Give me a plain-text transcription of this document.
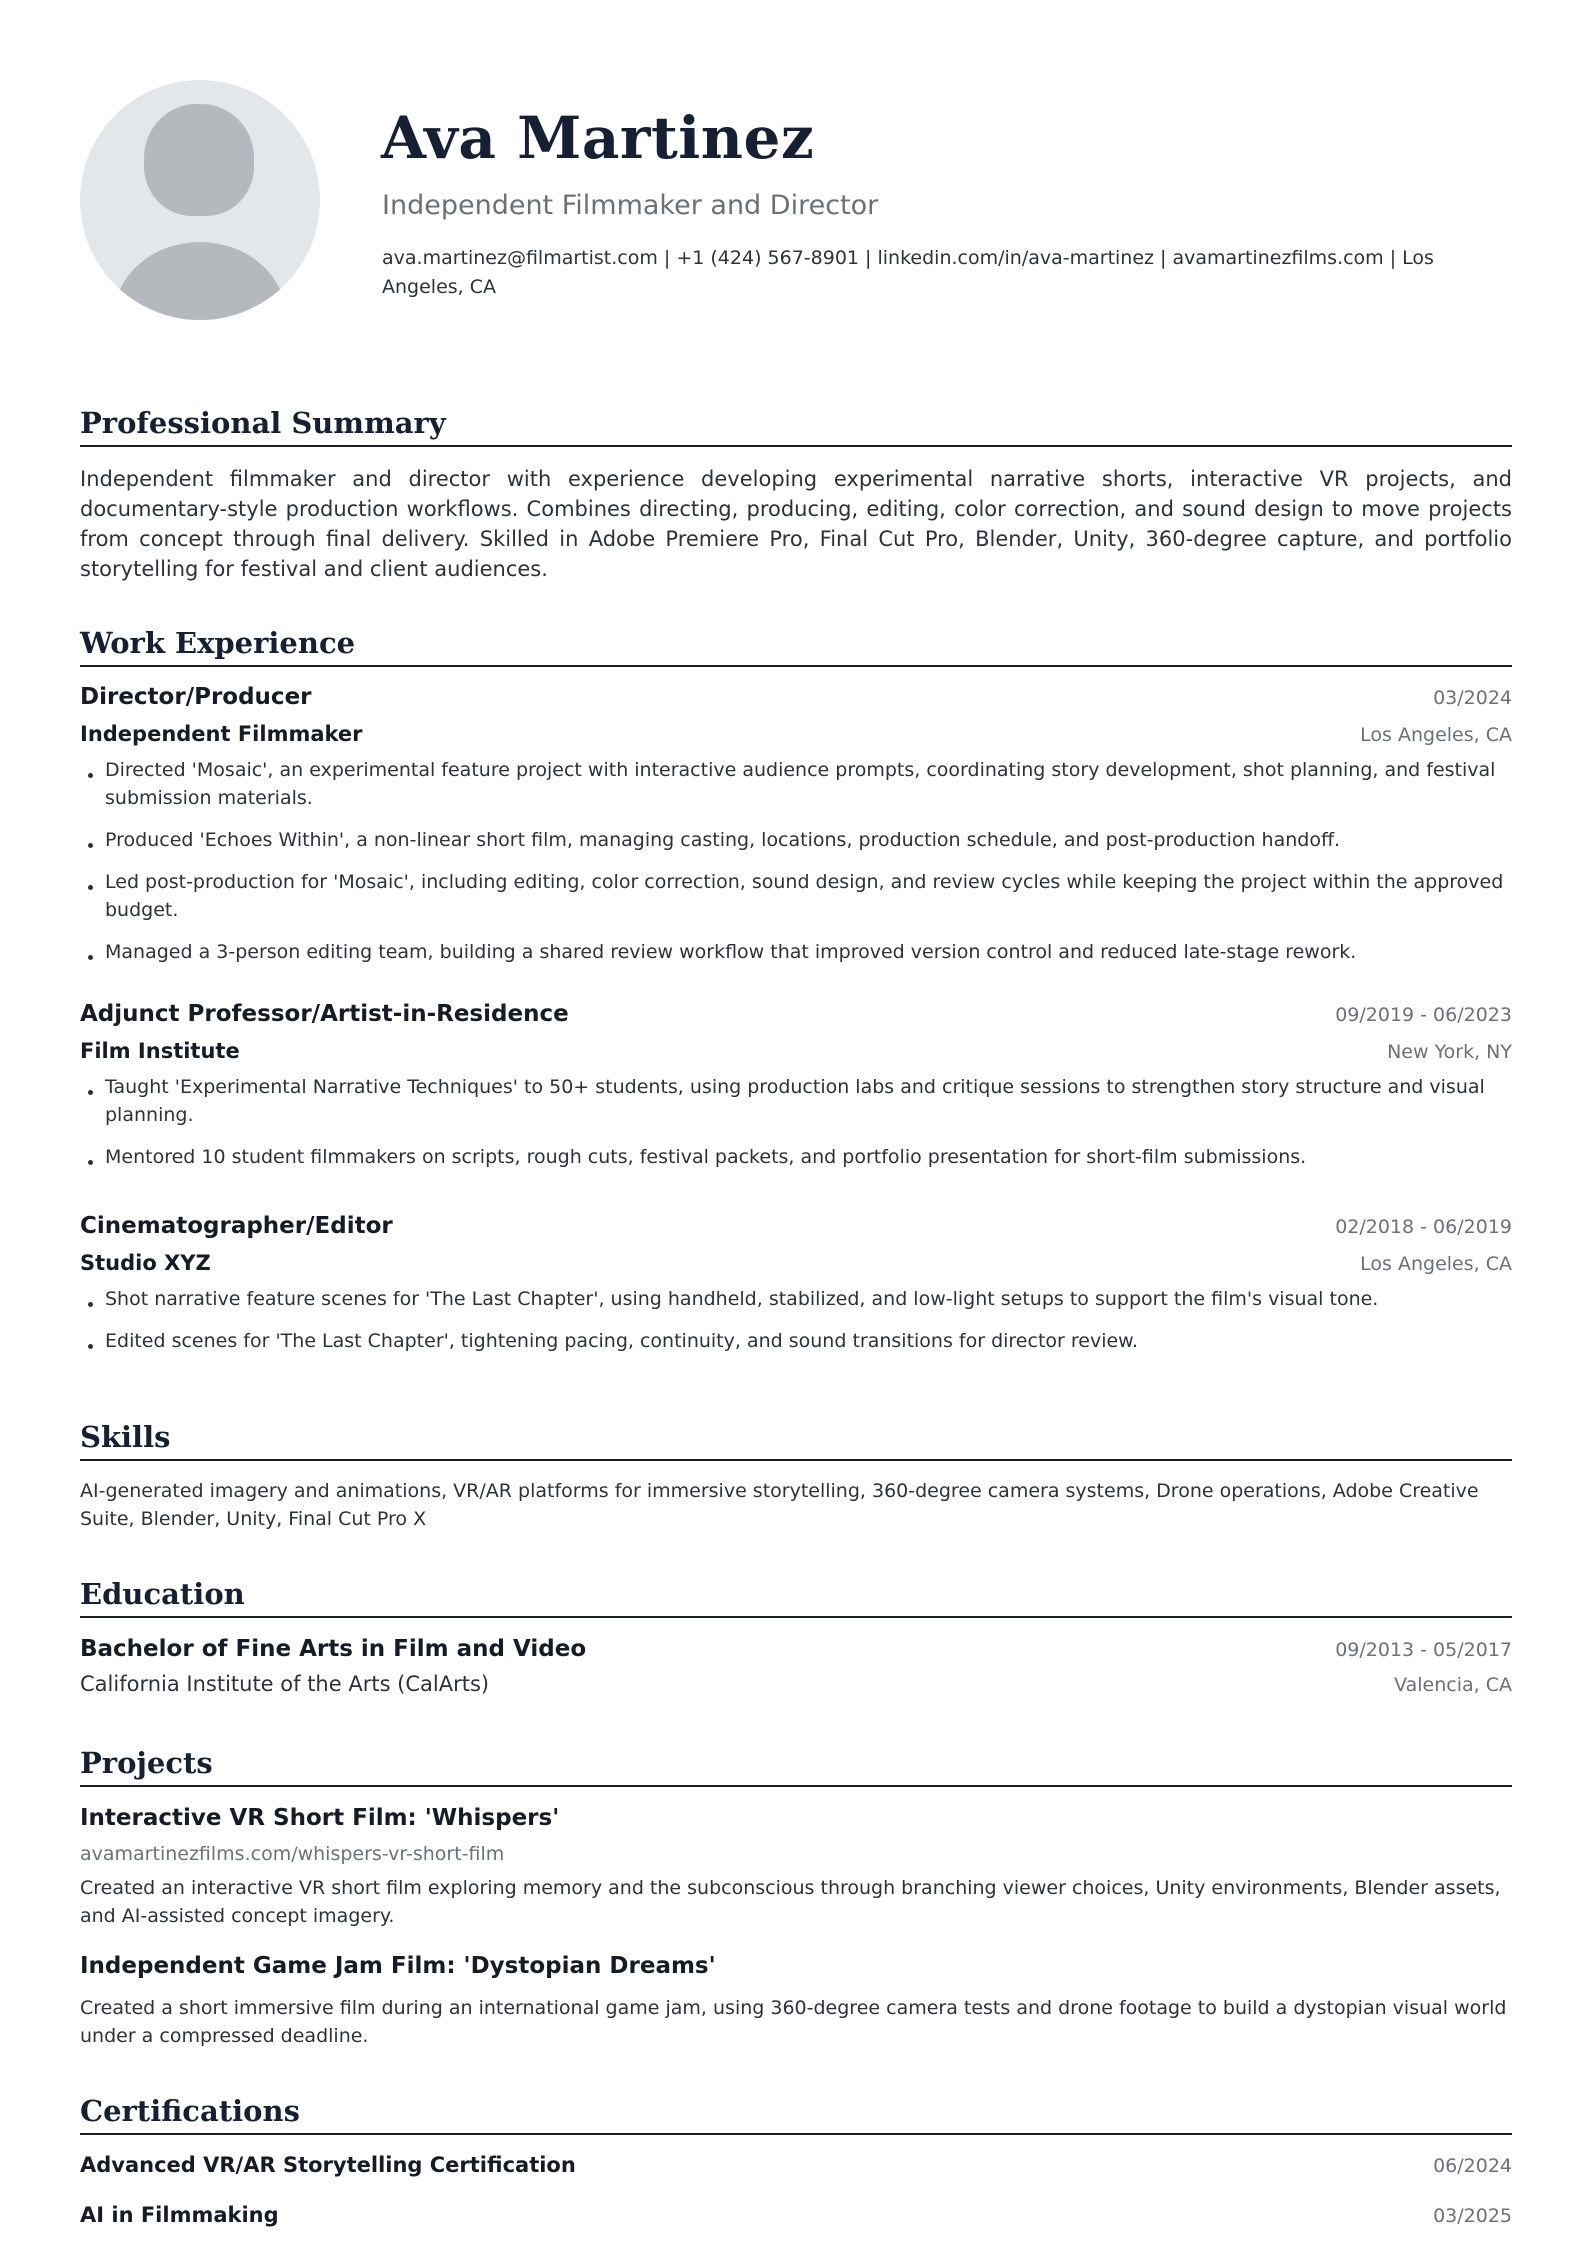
Ava Martinez
Independent Filmmaker and Director
ava.martinez@filmartist.com | +1 (424) 567-8901 | linkedin.com/in/ava-martinez | avamartinezfilms.com | Los Angeles, CA
Professional Summary
Independent filmmaker and director with experience developing experimental narrative shorts, interactive VR projects, and documentary-style production workflows. Combines directing, producing, editing, color correction, and sound design to move projects from concept through final delivery. Skilled in Adobe Premiere Pro, Final Cut Pro, Blender, Unity, 360-degree capture, and portfolio storytelling for festival and client audiences.
Work Experience
Director/Producer	03/2024
Independent Filmmaker	Los Angeles, CA
Directed 'Mosaic', an experimental feature project with interactive audience prompts, coordinating story development, shot planning, and festival submission materials.
Produced 'Echoes Within', a non-linear short film, managing casting, locations, production schedule, and post-production handoff.
Led post-production for 'Mosaic', including editing, color correction, sound design, and review cycles while keeping the project within the approved budget.
Managed a 3-person editing team, building a shared review workflow that improved version control and reduced late-stage rework.
Adjunct Professor/Artist-in-Residence	09/2019 - 06/2023
Film Institute	New York, NY
Taught 'Experimental Narrative Techniques' to 50+ students, using production labs and critique sessions to strengthen story structure and visual planning.
Mentored 10 student filmmakers on scripts, rough cuts, festival packets, and portfolio presentation for short-film submissions.
Cinematographer/Editor	02/2018 - 06/2019
Studio XYZ	Los Angeles, CA
Shot narrative feature scenes for 'The Last Chapter', using handheld, stabilized, and low-light setups to support the film's visual tone.
Edited scenes for 'The Last Chapter', tightening pacing, continuity, and sound transitions for director review.
Skills
AI-generated imagery and animations, VR/AR platforms for immersive storytelling, 360-degree camera systems, Drone operations, Adobe Creative Suite, Blender, Unity, Final Cut Pro X
Education
Bachelor of Fine Arts in Film and Video	09/2013 - 05/2017
California Institute of the Arts (CalArts)	Valencia, CA
Projects
Interactive VR Short Film: 'Whispers'
avamartinezfilms.com/whispers-vr-short-film
Created an interactive VR short film exploring memory and the subconscious through branching viewer choices, Unity environments, Blender assets, and AI-assisted concept imagery.
Independent Game Jam Film: 'Dystopian Dreams'
Created a short immersive film during an international game jam, using 360-degree camera tests and drone footage to build a dystopian visual world under a compressed deadline.
Certifications
Advanced VR/AR Storytelling Certification	06/2024
AI in Filmmaking	03/2025
